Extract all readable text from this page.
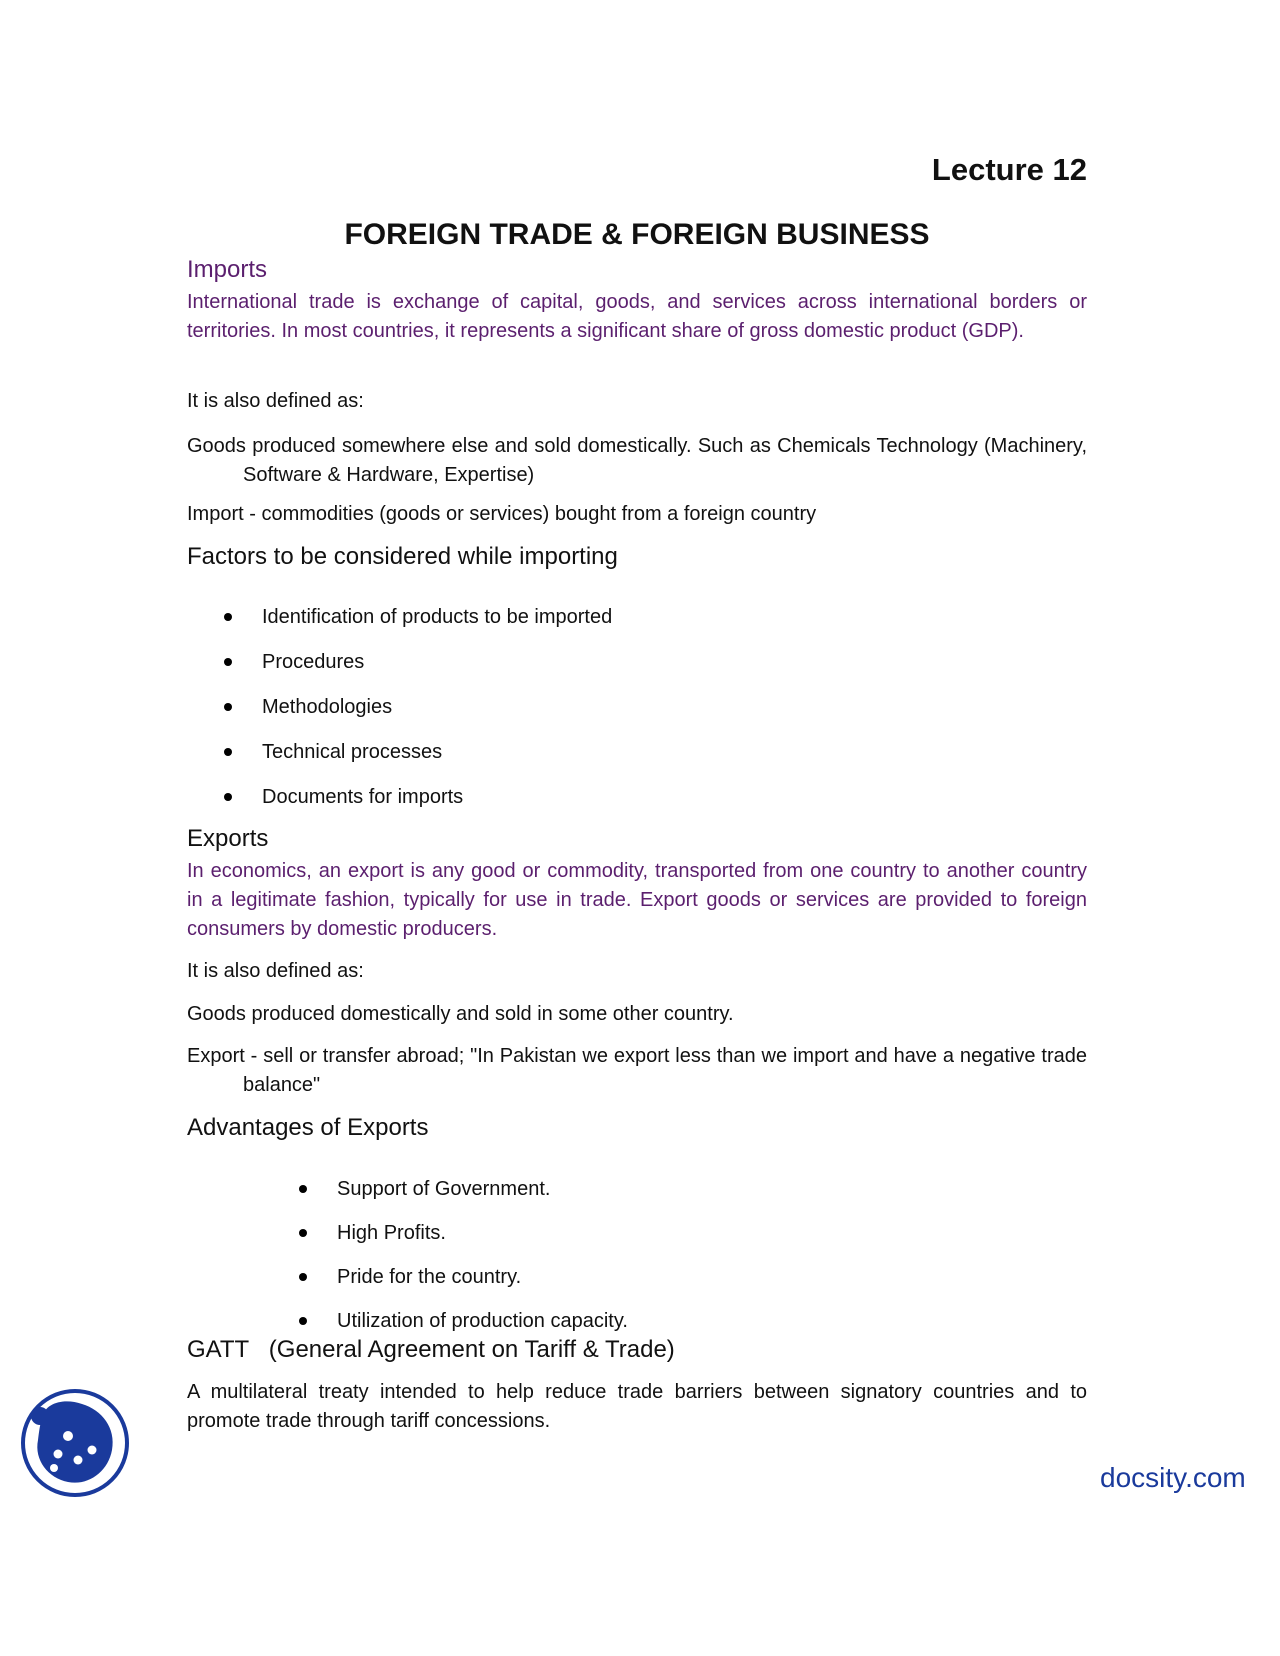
Lecture 12
FOREIGN TRADE & FOREIGN BUSINESS
Imports
International trade is exchange of capital, goods, and services across international borders or territories. In most countries, it represents a significant share of gross domestic product (GDP).
It is also defined as:
Goods produced somewhere else and sold domestically. Such as Chemicals Technology (Machinery, Software & Hardware, Expertise)
Import - commodities (goods or services) bought from a foreign country
Factors to be considered while importing
Identification of products to be imported
Procedures
Methodologies
Technical processes
Documents for imports
Exports
In economics, an export is any good or commodity, transported from one country to another country in a legitimate fashion, typically for use in trade. Export goods or services are provided to foreign consumers by domestic producers.
It is also defined as:
Goods produced domestically and sold in some other country.
Export - sell or transfer abroad; "In Pakistan we export less than we import and have a negative trade balance"
Advantages of Exports
Support of Government.
High Profits.
Pride for the country.
Utilization of production capacity.
GATT   (General Agreement on Tariff & Trade)
A multilateral treaty intended to help reduce trade barriers between signatory countries and to promote trade through tariff concessions.
docsity.com
